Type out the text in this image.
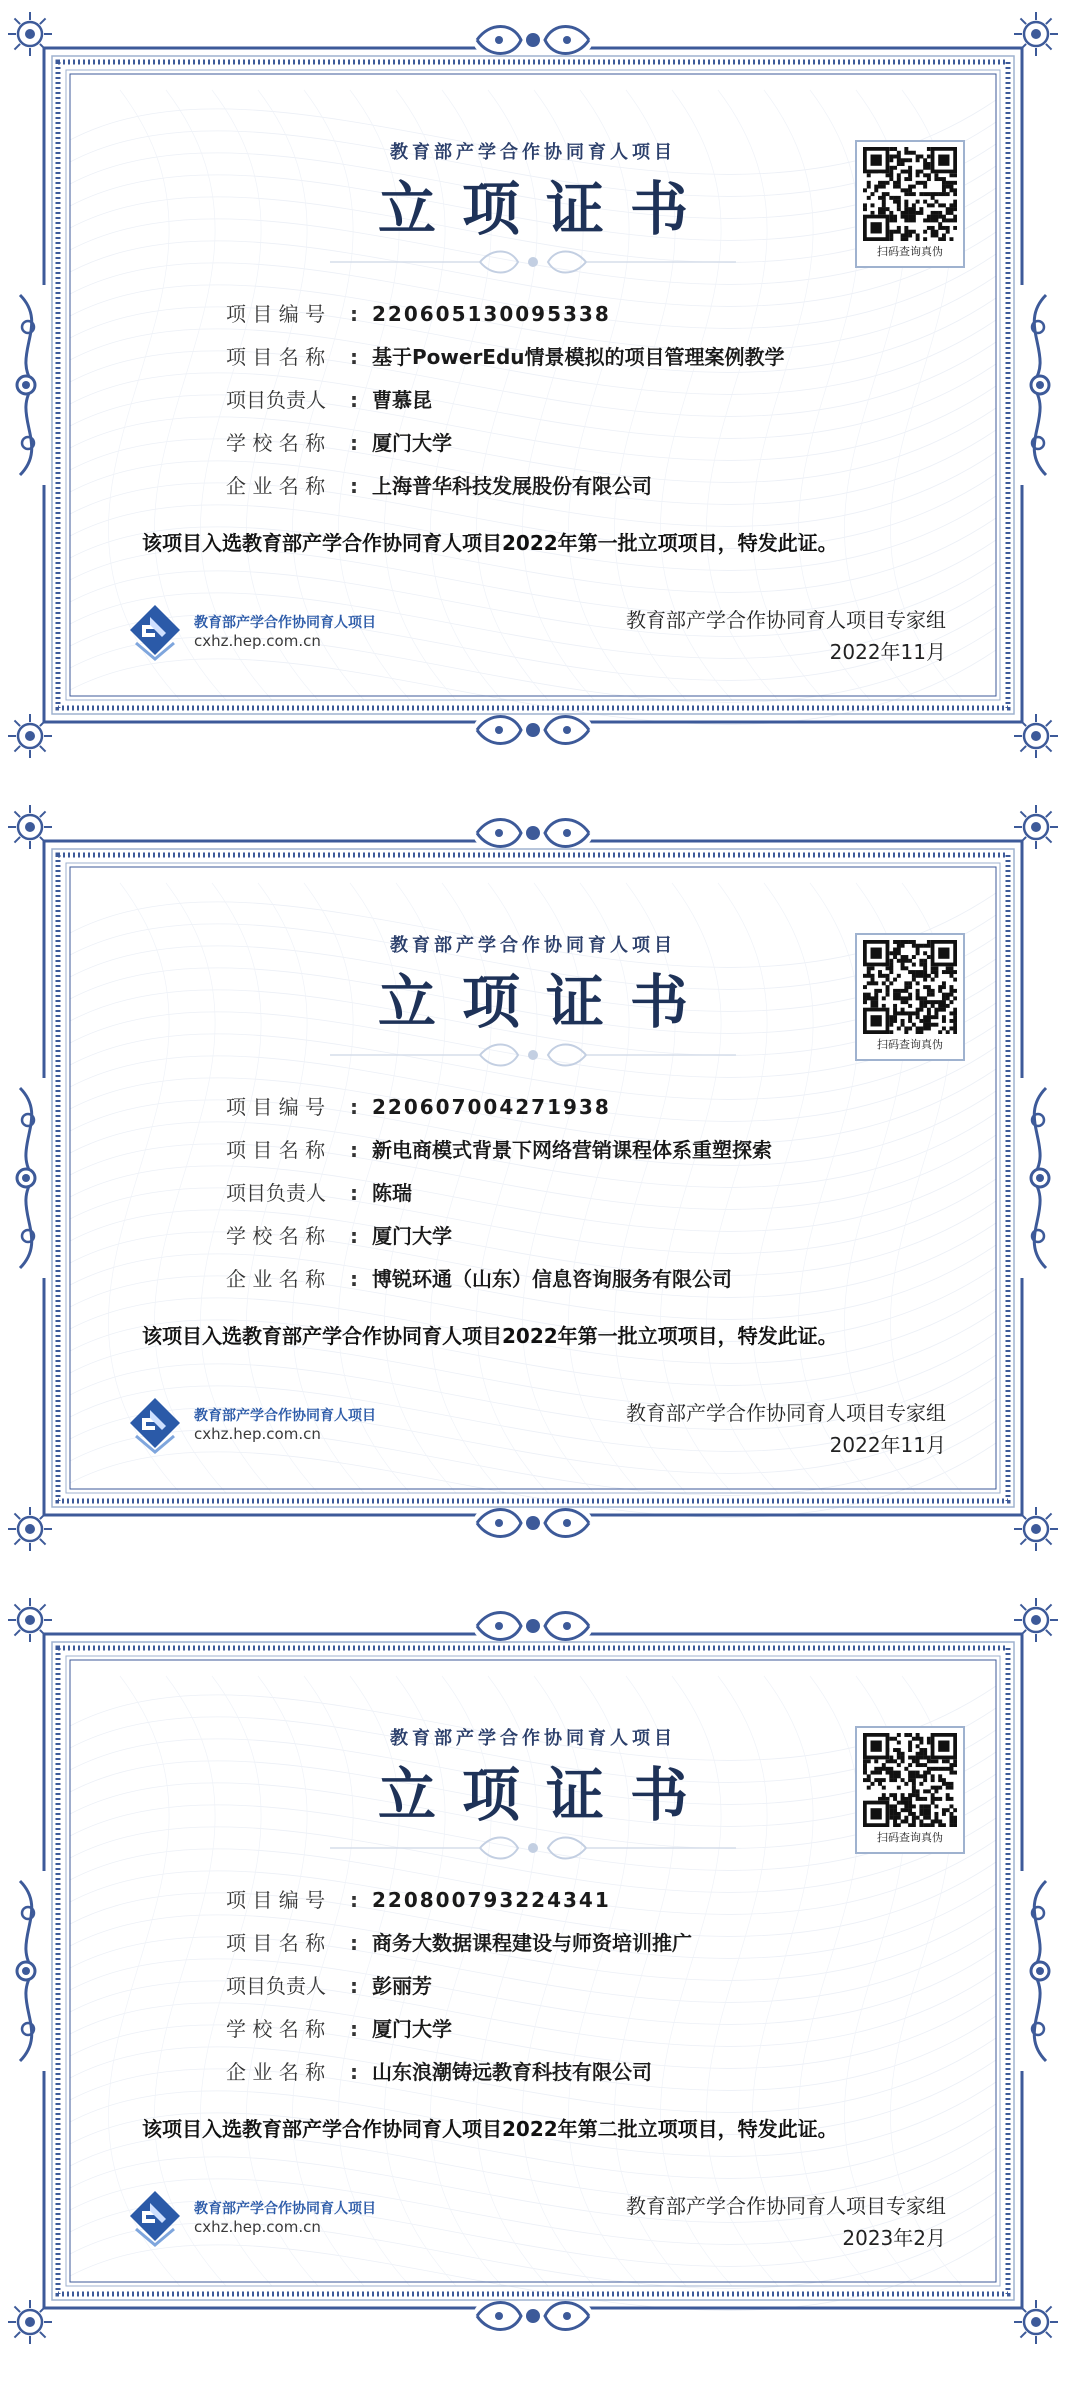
教育部产学合作协同育人项目
立项证书
扫码查询真伪
项 目 编 号	: 220605130095338
项 目 名 称	: 基于PowerEdu情景模拟的项目管理案例教学
项目负责人	: 曹慕昆
学 校 名 称	: 厦门大学
企 业 名 称	: 上海普华科技发展股份有限公司
该项目入选教育部产学合作协同育人项目2022年第一批立项项目，特发此证。
教育部产学合作协同育人项目
cxhz.hep.com.cn
教育部产学合作协同育人项目专家组
2022年11月
教育部产学合作协同育人项目
立项证书
扫码查询真伪
项 目 编 号	: 220607004271938
项 目 名 称	: 新电商模式背景下网络营销课程体系重塑探索
项目负责人	: 陈瑞
学 校 名 称	: 厦门大学
企 业 名 称	: 博锐环通（山东）信息咨询服务有限公司
该项目入选教育部产学合作协同育人项目2022年第一批立项项目，特发此证。
教育部产学合作协同育人项目
cxhz.hep.com.cn
教育部产学合作协同育人项目专家组
2022年11月
教育部产学合作协同育人项目
立项证书
扫码查询真伪
项 目 编 号	: 220800793224341
项 目 名 称	: 商务大数据课程建设与师资培训推广
项目负责人	: 彭丽芳
学 校 名 称	: 厦门大学
企 业 名 称	: 山东浪潮铸远教育科技有限公司
该项目入选教育部产学合作协同育人项目2022年第二批立项项目，特发此证。
教育部产学合作协同育人项目
cxhz.hep.com.cn
教育部产学合作协同育人项目专家组
2023年2月
